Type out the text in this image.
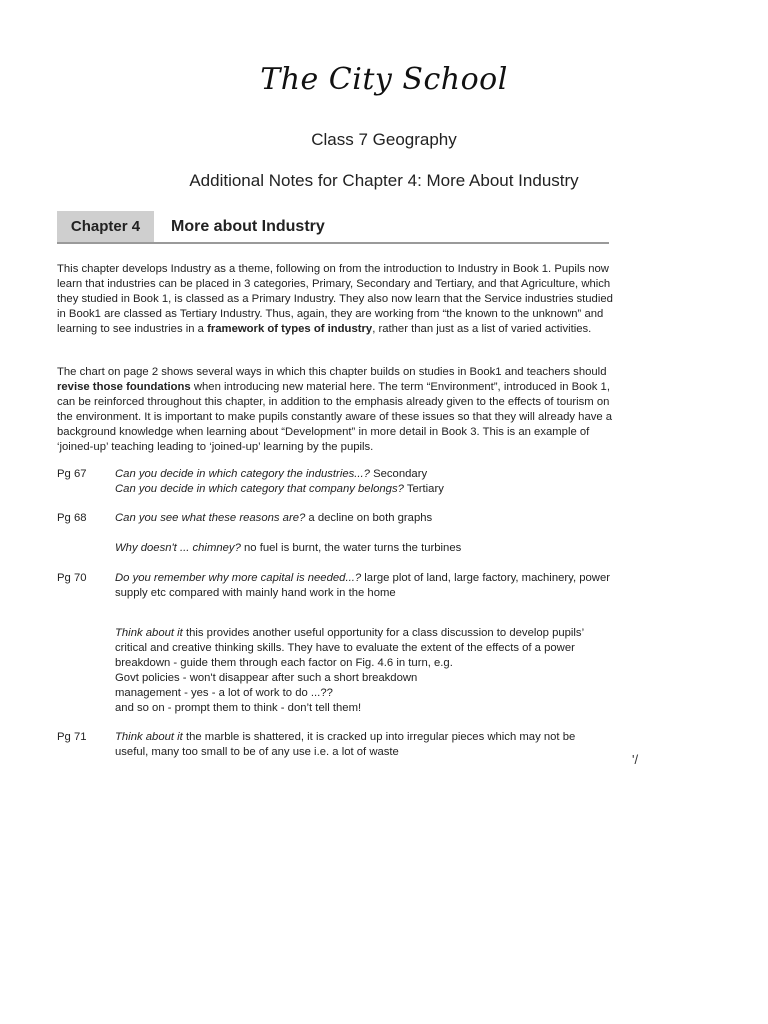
The City School
Class 7 Geography
Additional Notes for Chapter 4: More About Industry
Chapter 4	More about Industry

This chapter develops Industry as a theme, following on from the introduction to Industry in Book 1. Pupils now learn that industries can be placed in 3 categories, Primary, Secondary and Tertiary, and that Agriculture, which they studied in Book 1, is classed as a Primary Industry. They also now learn that the Service industries studied in Book1 are classed as Tertiary Industry. Thus, again, they are working from “the known to the unknown” and learning to see industries in a framework of types of industry, rather than just as a list of varied activities.

The chart on page 2 shows several ways in which this chapter builds on studies in Book1 and teachers should revise those foundations when introducing new material here. The term “Environment”, introduced in Book 1, can be reinforced throughout this chapter, in addition to the emphasis already given to the effects of tourism on the environment. It is important to make pupils constantly aware of these issues so that they will already have a background knowledge when learning about “Development” in more detail in Book 3. This is an example of ‘joined-up’ teaching leading to ‘joined-up’ learning by the pupils.

Pg 67	Can you decide in which category the industries...? Secondary
Can you decide in which category that company belongs? Tertiary

Pg 68	Can you see what these reasons are? a decline on both graphs

Why doesn't ... chimney? no fuel is burnt, the water turns the turbines

Pg 70	Do you remember why more capital is needed...? large plot of land, large factory, machinery, power supply etc compared with mainly hand work in the home

Think about it this provides another useful opportunity for a class discussion to develop pupils’ critical and creative thinking skills. They have to evaluate the extent of the effects of a power breakdown - guide them through each factor on Fig. 4.6 in turn, e.g.
Govt policies - won't disappear after such a short breakdown
management - yes - a lot of work to do ...??
and so on - prompt them to think - don’t tell them!

Pg 71	Think about it the marble is shattered, it is cracked up into irregular pieces which may not be useful, many too small to be of any use i.e. a lot of waste	'/
